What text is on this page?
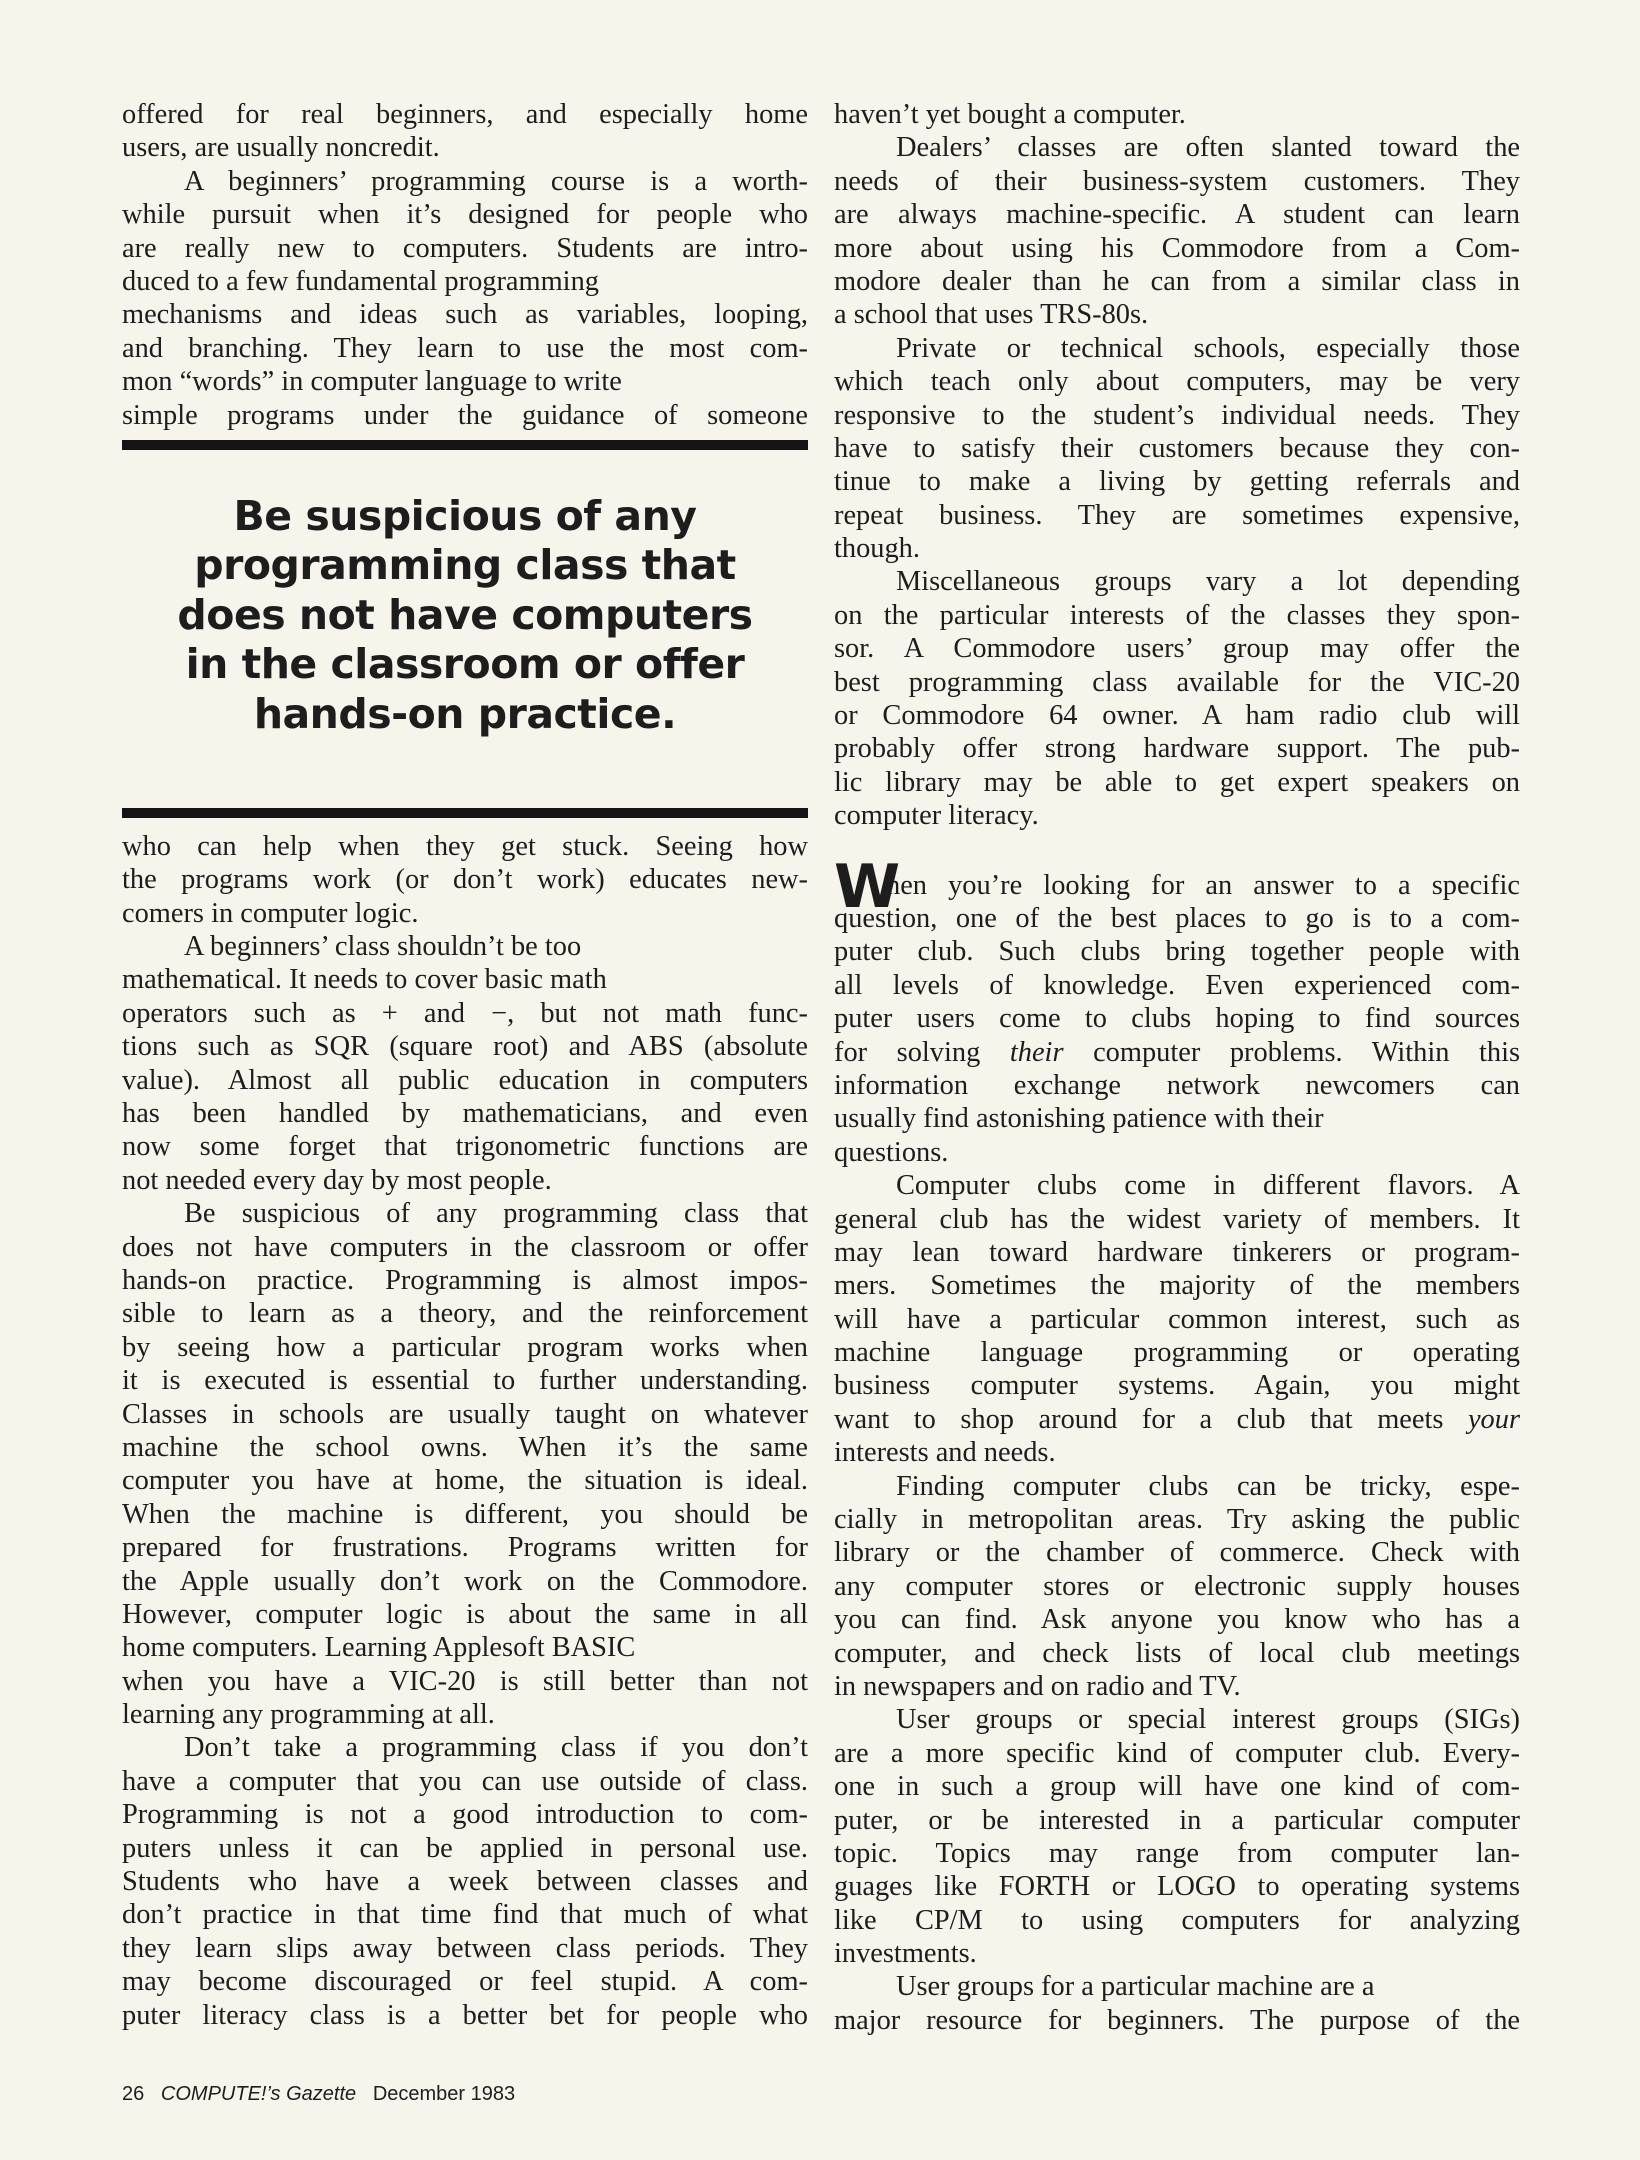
offered for real beginners, and especially home
users, are usually noncredit.
A beginners’ programming course is a worth-
while pursuit when it’s designed for people who
are really new to computers. Students are intro-
duced to a few fundamental programming
mechanisms and ideas such as variables, looping,
and branching. They learn to use the most com-
mon “words” in computer language to write
simple programs under the guidance of someone
Be suspicious of any
programming class that
does not have computers
in the classroom or offer
hands-on practice.
who can help when they get stuck. Seeing how
the programs work (or don’t work) educates new-
comers in computer logic.
A beginners’ class shouldn’t be too
mathematical. It needs to cover basic math
operators such as + and −, but not math func-
tions such as SQR (square root) and ABS (absolute
value). Almost all public education in computers
has been handled by mathematicians, and even
now some forget that trigonometric functions are
not needed every day by most people.
Be suspicious of any programming class that
does not have computers in the classroom or offer
hands-on practice. Programming is almost impos-
sible to learn as a theory, and the reinforcement
by seeing how a particular program works when
it is executed is essential to further understanding.
Classes in schools are usually taught on whatever
machine the school owns. When it’s the same
computer you have at home, the situation is ideal.
When the machine is different, you should be
prepared for frustrations. Programs written for
the Apple usually don’t work on the Commodore.
However, computer logic is about the same in all
home computers. Learning Applesoft BASIC
when you have a VIC-20 is still better than not
learning any programming at all.
Don’t take a programming class if you don’t
have a computer that you can use outside of class.
Programming is not a good introduction to com-
puters unless it can be applied in personal use.
Students who have a week between classes and
don’t practice in that time find that much of what
they learn slips away between class periods. They
may become discouraged or feel stupid. A com-
puter literacy class is a better bet for people who
haven’t yet bought a computer.
Dealers’ classes are often slanted toward the
needs of their business-system customers. They
are always machine-specific. A student can learn
more about using his Commodore from a Com-
modore dealer than he can from a similar class in
a school that uses TRS-80s.
Private or technical schools, especially those
which teach only about computers, may be very
responsive to the student’s individual needs. They
have to satisfy their customers because they con-
tinue to make a living by getting referrals and
repeat business. They are sometimes expensive,
though.
Miscellaneous groups vary a lot depending
on the particular interests of the classes they spon-
sor. A Commodore users’ group may offer the
best programming class available for the VIC-20
or Commodore 64 owner. A ham radio club will
probably offer strong hardware support. The pub-
lic library may be able to get expert speakers on
computer literacy.
W
hen you’re looking for an answer to a specific
question, one of the best places to go is to a com-
puter club. Such clubs bring together people with
all levels of knowledge. Even experienced com-
puter users come to clubs hoping to find sources
for solving their computer problems. Within this
information exchange network newcomers can
usually find astonishing patience with their
questions.
Computer clubs come in different flavors. A
general club has the widest variety of members. It
may lean toward hardware tinkerers or program-
mers. Sometimes the majority of the members
will have a particular common interest, such as
machine language programming or operating
business computer systems. Again, you might
want to shop around for a club that meets your
interests and needs.
Finding computer clubs can be tricky, espe-
cially in metropolitan areas. Try asking the public
library or the chamber of commerce. Check with
any computer stores or electronic supply houses
you can find. Ask anyone you know who has a
computer, and check lists of local club meetings
in newspapers and on radio and TV.
User groups or special interest groups (SIGs)
are a more specific kind of computer club. Every-
one in such a group will have one kind of com-
puter, or be interested in a particular computer
topic. Topics may range from computer lan-
guages like FORTH or LOGO to operating systems
like CP/M to using computers for analyzing
investments.
User groups for a particular machine are a
major resource for beginners. The purpose of the
26 COMPUTE!’s Gazette December 1983
